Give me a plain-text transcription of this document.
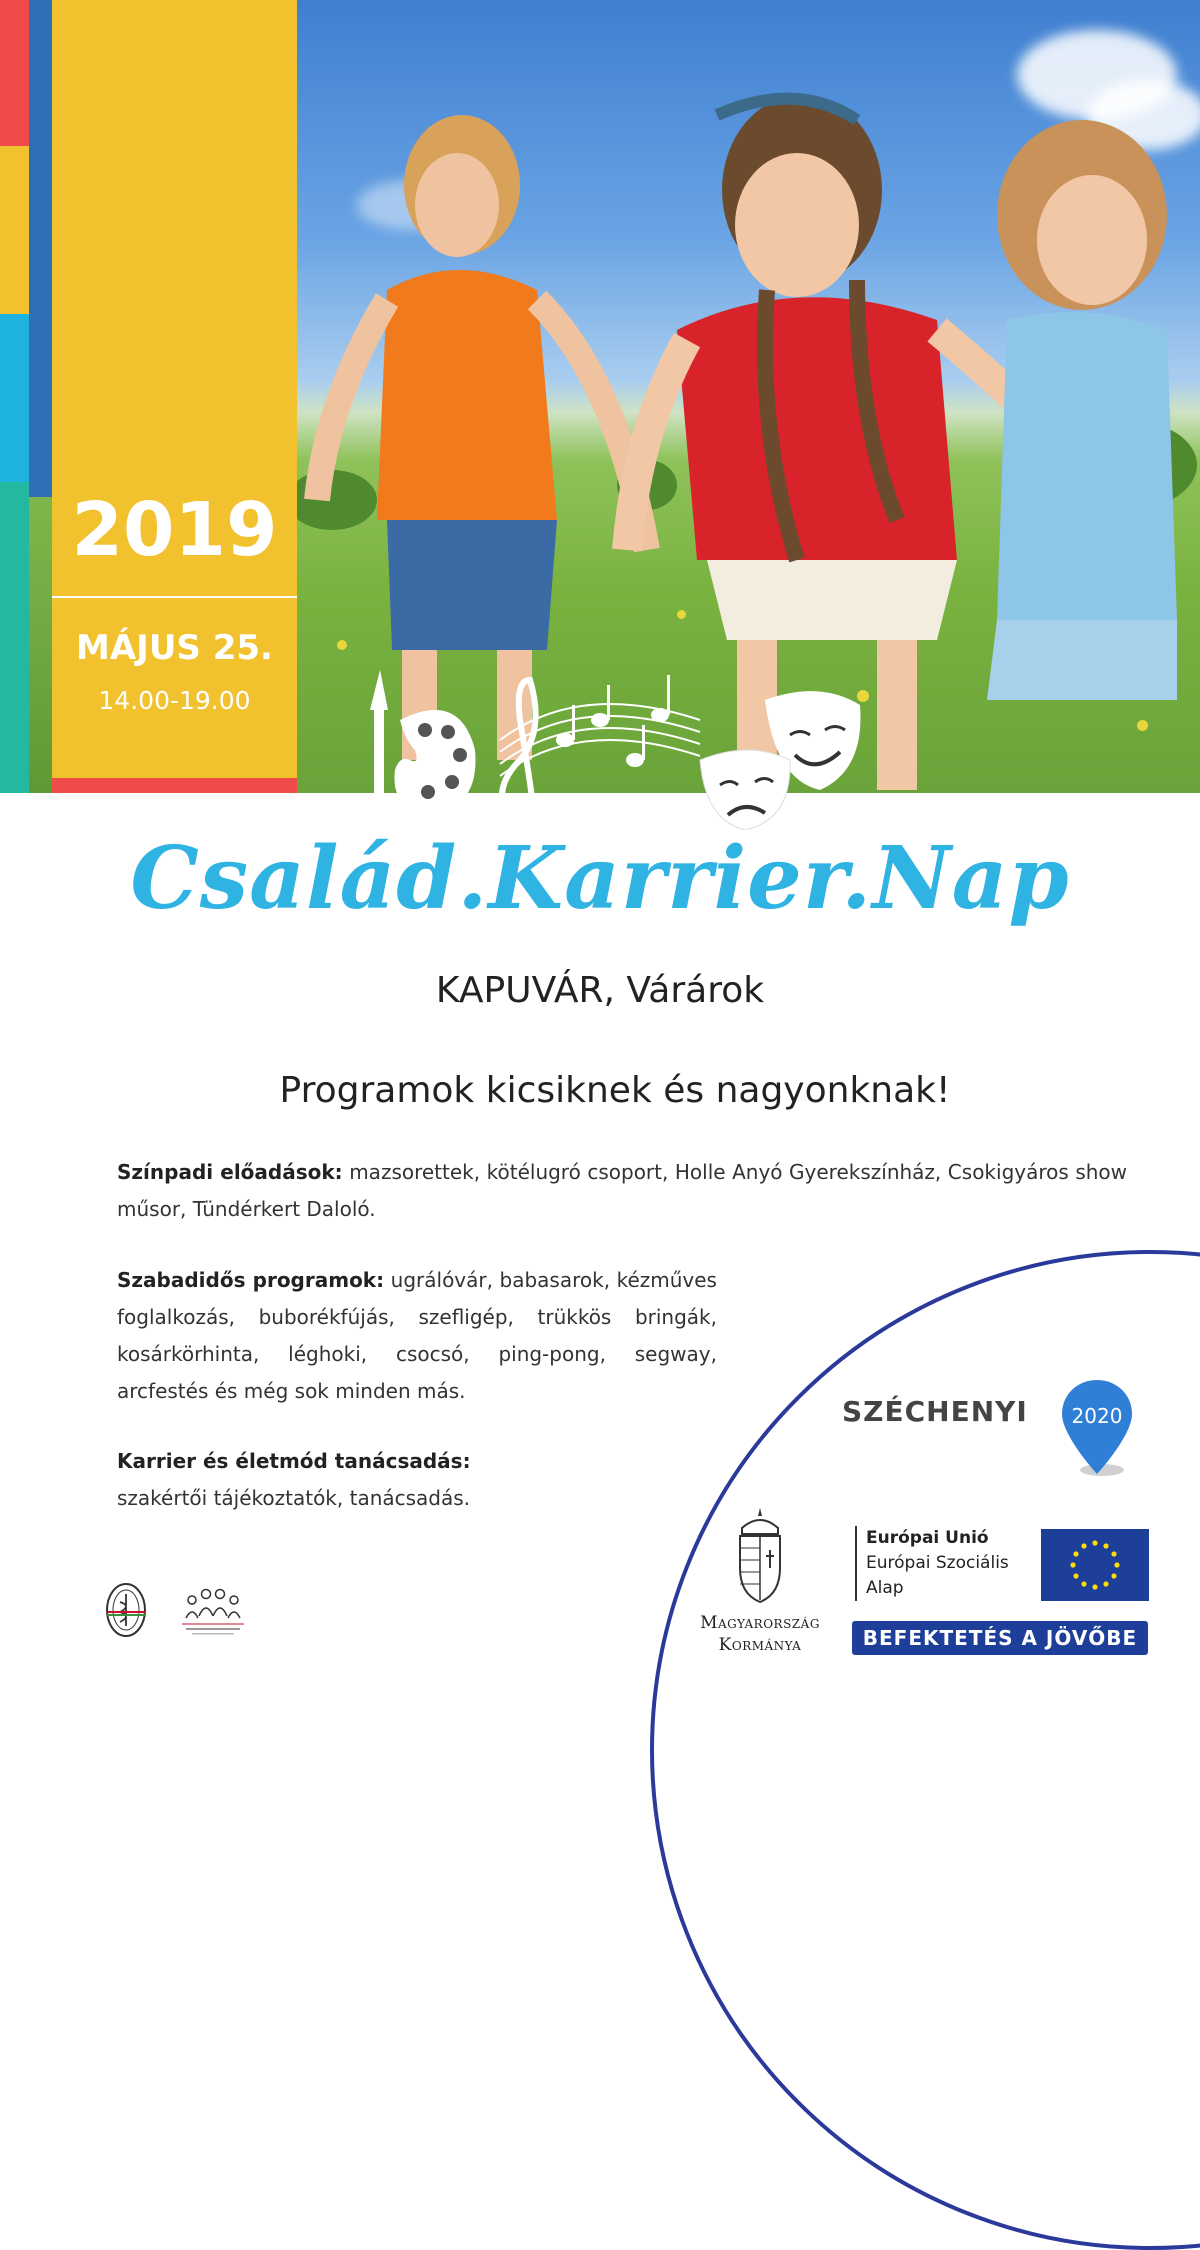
2019
MÁJUS 25.
14.00-19.00
Család.Karrier.Nap
KAPUVÁR, Várárok
Programok kicsiknek és nagyonknak!
Színpadi előadások: mazsorettek, kötélugró csoport, Holle Anyó Gyerekszínház, Csokigyáros show műsor, Tündérkert Daloló.
Szabadidős programok: ugrálóvár, babasarok, kézműves foglalkozás, buborékfújás, szefligép, trükkös bringák, kosárkörhinta, léghoki, csocsó, ping-pong, segway, arcfestés és még sok minden más.
Karrier és életmód tanácsadás:
szakértői tájékoztatók, tanácsadás.
SZÉCHENYI 2020
Magyarország
Kormánya
Európai Unió
Európai Szociális
Alap
BEFEKTETÉS A JÖVŐBE
